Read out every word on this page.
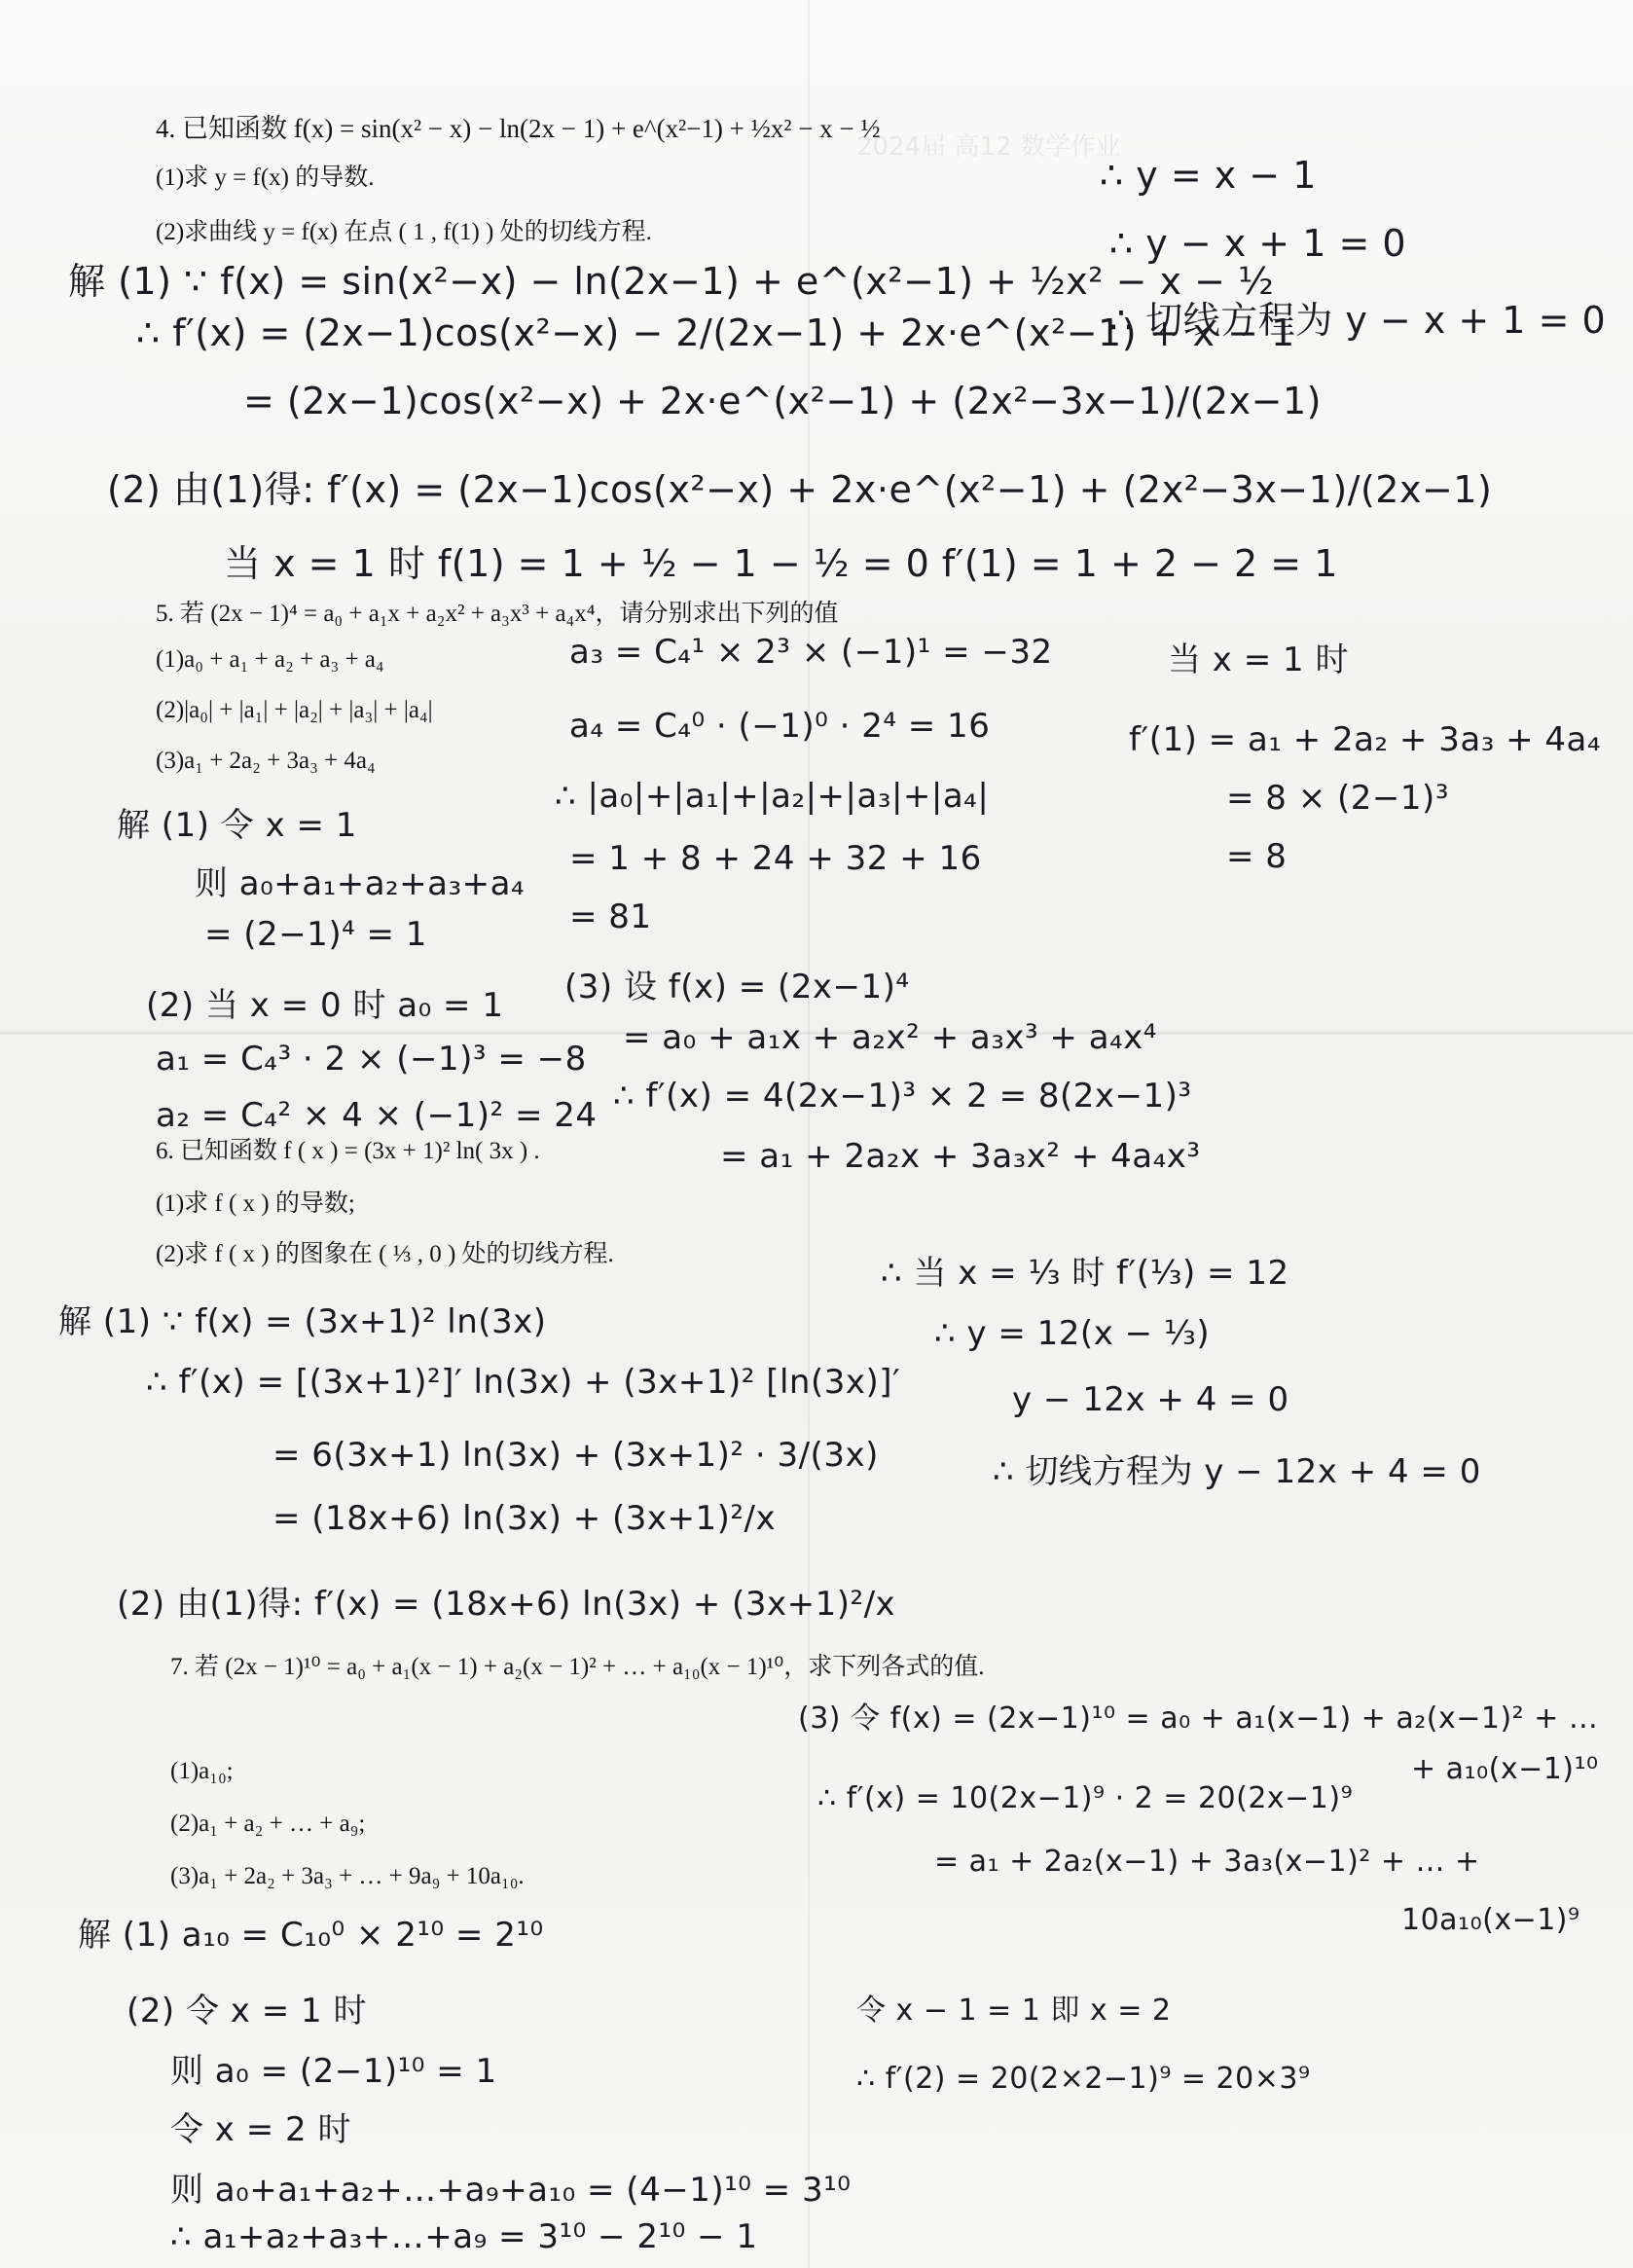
2024届 高12 数学作业
4. 已知函数 f(x) = sin(x² − x) − ln(2x − 1) + e^(x²−1) + ½x² − x − ½
(1)求 y = f(x) 的导数.
(2)求曲线 y = f(x) 在点 ( 1 , f(1) ) 处的切线方程.
解 (1) ∵ f(x) = sin(x²−x) − ln(2x−1) + e^(x²−1) + ½x² − x − ½
∴ f′(x) = (2x−1)cos(x²−x) − 2/(2x−1) + 2x·e^(x²−1) + x − 1
= (2x−1)cos(x²−x) + 2x·e^(x²−1) + (2x²−3x−1)/(2x−1)
(2) 由(1)得: f′(x) = (2x−1)cos(x²−x) + 2x·e^(x²−1) + (2x²−3x−1)/(2x−1)
当 x = 1 时 f(1) = 1 + ½ − 1 − ½ = 0 f′(1) = 1 + 2 − 2 = 1
∴ y = x − 1
∴ y − x + 1 = 0
∴ 切线方程为 y − x + 1 = 0
5. 若 (2x − 1)⁴ = a₀ + a₁x + a₂x² + a₃x³ + a₄x⁴，请分别求出下列的值
(1)a₀ + a₁ + a₂ + a₃ + a₄
(2)|a₀| + |a₁| + |a₂| + |a₃| + |a₄|
(3)a₁ + 2a₂ + 3a₃ + 4a₄
解 (1) 令 x = 1
则 a₀+a₁+a₂+a₃+a₄
= (2−1)⁴ = 1
(2) 当 x = 0 时 a₀ = 1
a₁ = C₄³ · 2 × (−1)³ = −8
a₂ = C₄² × 4 × (−1)² = 24
a₃ = C₄¹ × 2³ × (−1)¹ = −32
a₄ = C₄⁰ · (−1)⁰ · 2⁴ = 16
∴ |a₀|+|a₁|+|a₂|+|a₃|+|a₄|
= 1 + 8 + 24 + 32 + 16
= 81
(3) 设 f(x) = (2x−1)⁴
= a₀ + a₁x + a₂x² + a₃x³ + a₄x⁴
∴ f′(x) = 4(2x−1)³ × 2 = 8(2x−1)³
= a₁ + 2a₂x + 3a₃x² + 4a₄x³
当 x = 1 时
f′(1) = a₁ + 2a₂ + 3a₃ + 4a₄
= 8 × (2−1)³
= 8
6. 已知函数 f ( x ) = (3x + 1)² ln( 3x ) .
(1)求 f ( x ) 的导数;
(2)求 f ( x ) 的图象在 ( ⅓ , 0 ) 处的切线方程.
解 (1) ∵ f(x) = (3x+1)² ln(3x)
∴ f′(x) = [(3x+1)²]′ ln(3x) + (3x+1)² [ln(3x)]′
= 6(3x+1) ln(3x) + (3x+1)² · 3/(3x)
= (18x+6) ln(3x) + (3x+1)²/x
(2) 由(1)得: f′(x) = (18x+6) ln(3x) + (3x+1)²/x
∴ 当 x = ⅓ 时 f′(⅓) = 12
∴ y = 12(x − ⅓)
y − 12x + 4 = 0
∴ 切线方程为 y − 12x + 4 = 0
7. 若 (2x − 1)¹⁰ = a₀ + a₁(x − 1) + a₂(x − 1)² + … + a₁₀(x − 1)¹⁰，求下列各式的值.
(1)a₁₀;
(2)a₁ + a₂ + … + a₉;
(3)a₁ + 2a₂ + 3a₃ + … + 9a₉ + 10a₁₀.
解 (1) a₁₀ = C₁₀⁰ × 2¹⁰ = 2¹⁰
(2) 令 x = 1 时
则 a₀ = (2−1)¹⁰ = 1
令 x = 2 时
则 a₀+a₁+a₂+…+a₉+a₁₀ = (4−1)¹⁰ = 3¹⁰
∴ a₁+a₂+a₃+…+a₉ = 3¹⁰ − 2¹⁰ − 1
(3) 令 f(x) = (2x−1)¹⁰ = a₀ + a₁(x−1) + a₂(x−1)² + …
+ a₁₀(x−1)¹⁰
∴ f′(x) = 10(2x−1)⁹ · 2 = 20(2x−1)⁹
= a₁ + 2a₂(x−1) + 3a₃(x−1)² + … +
10a₁₀(x−1)⁹
令 x − 1 = 1 即 x = 2
∴ f′(2) = 20(2×2−1)⁹ = 20×3⁹
